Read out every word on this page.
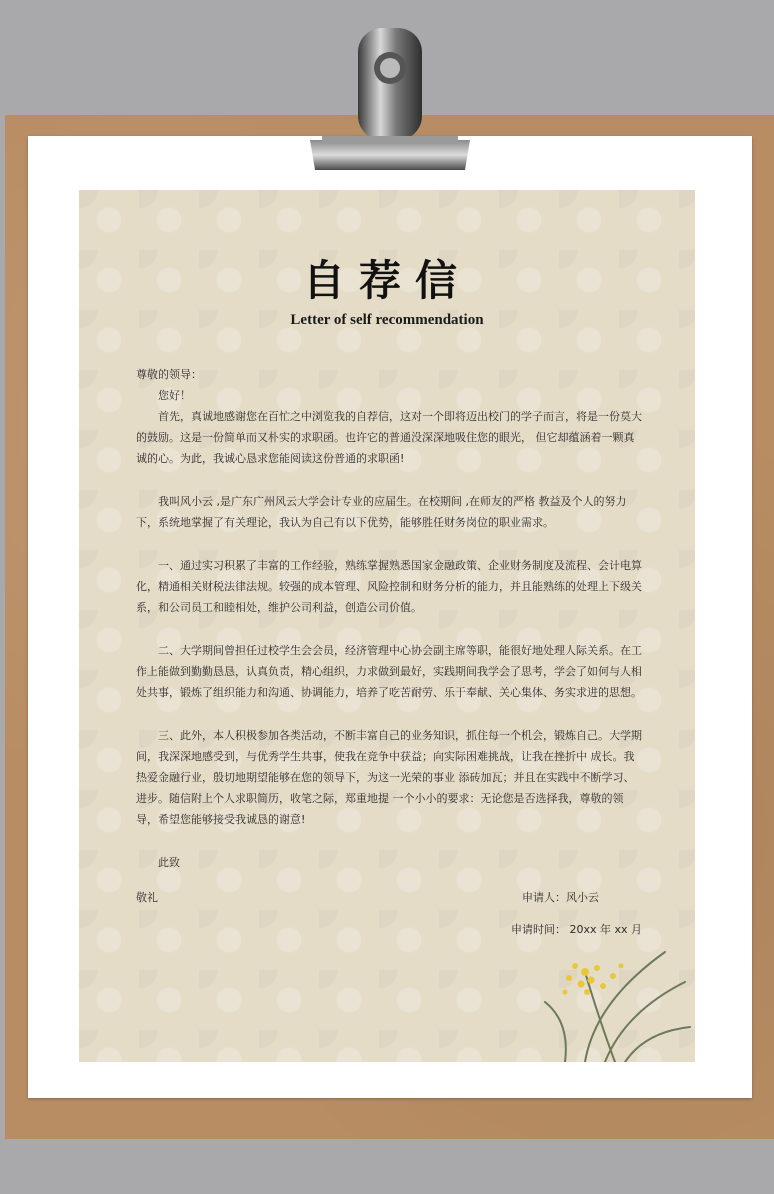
自荐信
Letter of self recommendation

尊敬的领导：

您好！

首先，真诚地感谢您在百忙之中浏览我的自荐信，这对一个即将迈出校门的学子而言，将是一份莫大的鼓励。这是一份简单而又朴实的求职函。也许它的普通没深深地吸住您的眼光， 但它却蕴涵着一颗真诚的心。为此，我诚心恳求您能阅读这份普通的求职函!

我叫风小云 ,是广东广州风云大学会计专业的应届生。在校期间 ,在师友的严格 教益及个人的努力下，系统地掌握了有关理论，我认为自己有以下优势，能够胜任财务岗位的职业需求。

一、通过实习积累了丰富的工作经验，熟练掌握熟悉国家金融政策、企业财务制度及流程、会计电算化，精通相关财税法律法规。较强的成本管理、风险控制和财务分析的能力，并且能熟练的处理上下级关系，和公司员工和睦相处，维护公司利益，创造公司价值。

二、大学期间曾担任过校学生会会员，经济管理中心协会副主席等职，能很好地处理人际关系。在工作上能做到勤勤恳恳，认真负责，精心组织，力求做到最好，实践期间我学会了思考，学会了如何与人相处共事，锻炼了组织能力和沟通、协调能力，培养了吃苦耐劳、乐于奉献、关心集体、务实求进的思想。

三、此外，本人积极参加各类活动，不断丰富自己的业务知识，抓住每一个机会，锻炼自己。大学期间，我深深地感受到，与优秀学生共事，使我在竞争中获益；向实际困难挑战，让我在挫折中 成长。我热爱金融行业，殷切地期望能够在您的领导下，为这一光荣的事业 添砖加瓦；并且在实践中不断学习、进步。随信附上个人求职简历，收笔之际，郑重地提 一个小小的要求：无论您是否选择我，尊敬的领导，希望您能够接受我诚恳的谢意!

此致

敬礼	申请人：风小云

申请时间： 20xx 年 xx 月
